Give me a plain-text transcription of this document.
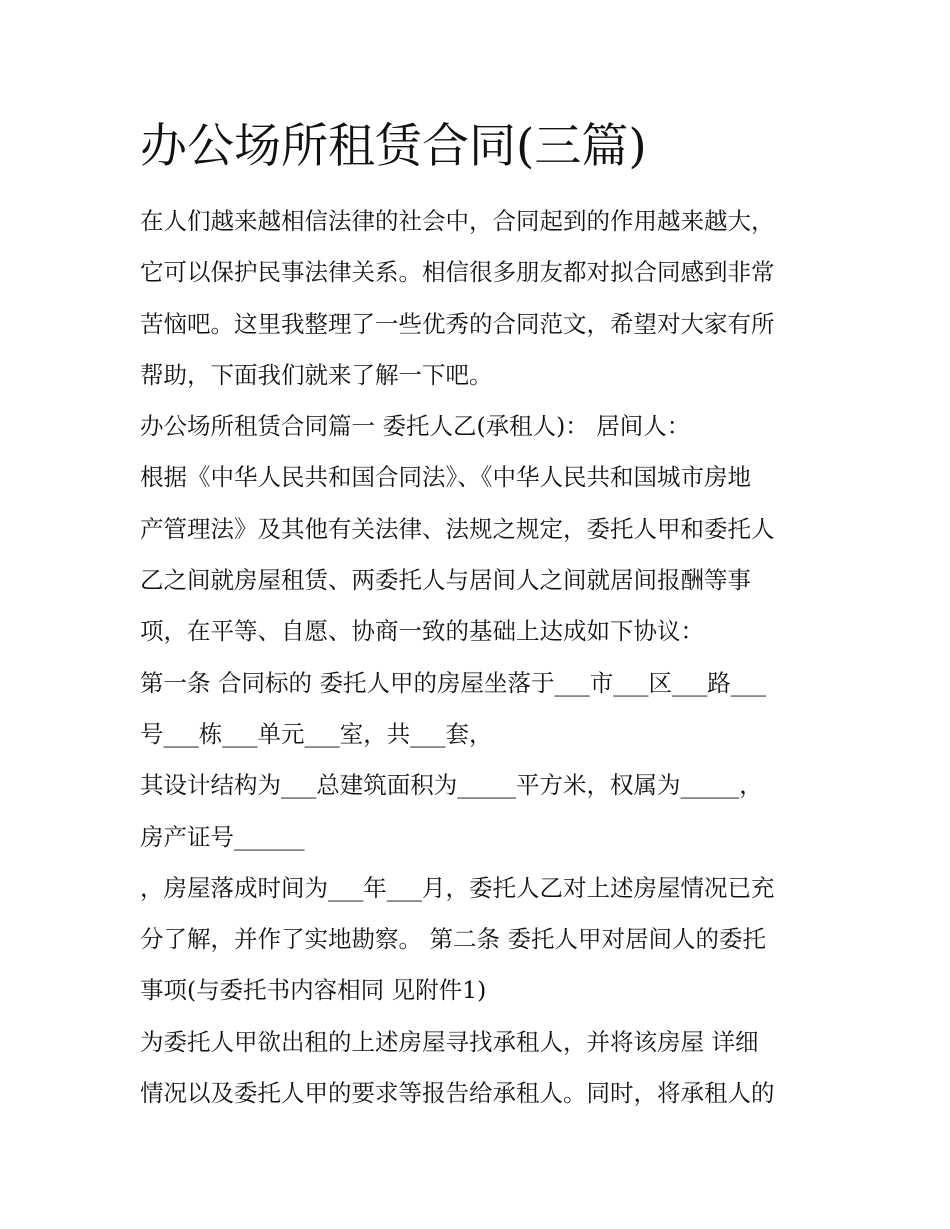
办公场所租赁合同(三篇)

在人们越来越相信法律的社会中，合同起到的作用越来越大，

它可以保护民事法律关系。相信很多朋友都对拟合同感到非常

苦恼吧。这里我整理了一些优秀的合同范文，希望对大家有所

帮助，下面我们就来了解一下吧。

办公场所租赁合同篇一 委托人乙(承租人)： 居间人：

根据《中华人民共和国合同法》、《中华人民共和国城市房地

产管理法》及其他有关法律、法规之规定，委托人甲和委托人

乙之间就房屋租赁、两委托人与居间人之间就居间报酬等事

项，在平等、自愿、协商一致的基础上达成如下协议：

第一条 合同标的 委托人甲的房屋坐落于___市___区___路___

号___栋___单元___室，共___套，

其设计结构为___总建筑面积为_____平方米，权属为_____，

房产证号______

，房屋落成时间为___年___月，委托人乙对上述房屋情况已充

分了解，并作了实地勘察。 第二条 委托人甲对居间人的委托

事项(与委托书内容相同 见附件1)

为委托人甲欲出租的上述房屋寻找承租人，并将该房屋 详细

情况以及委托人甲的要求等报告给承租人。同时，将承租人的
